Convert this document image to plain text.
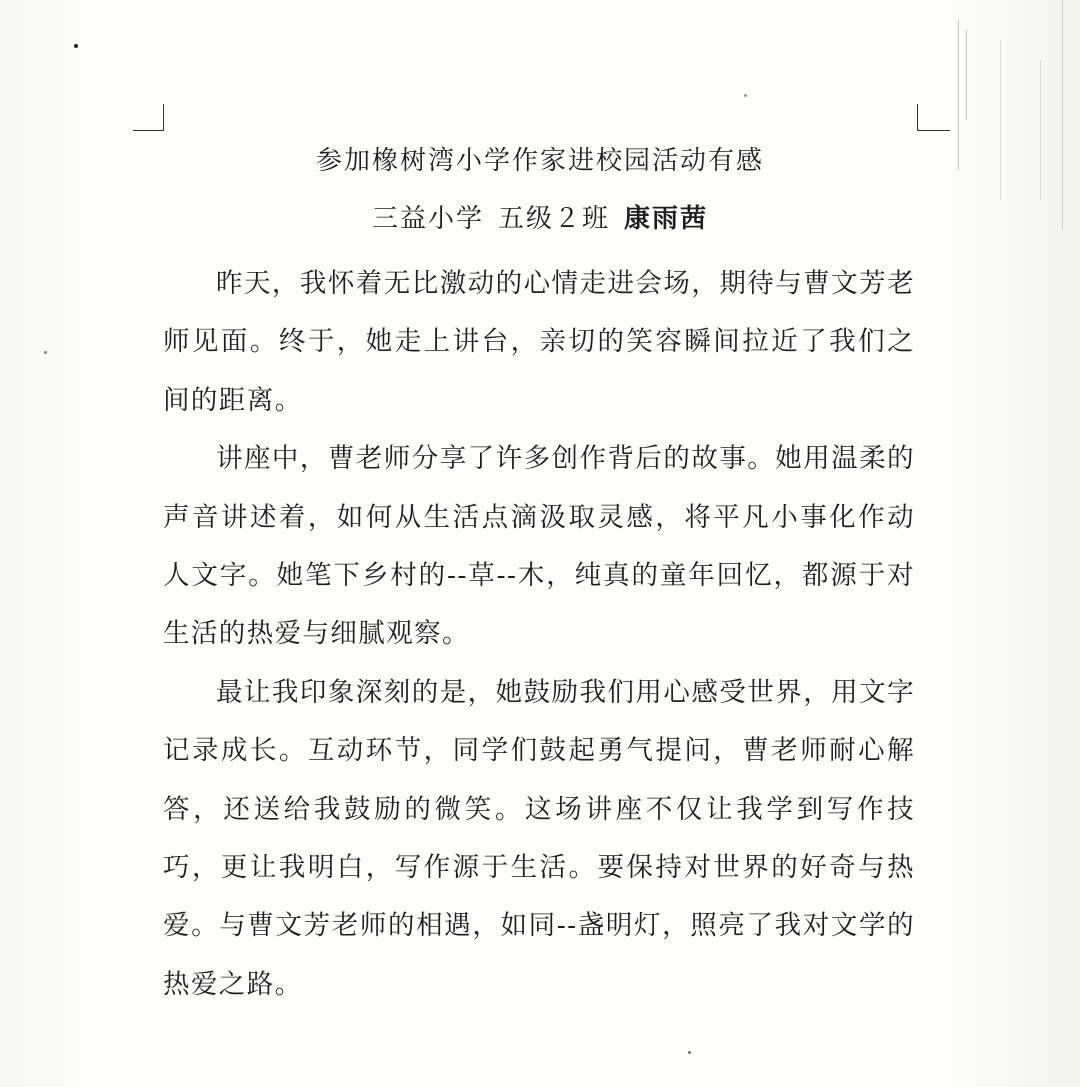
参加橡树湾小学作家进校园活动有感
三益小学 五级２班 康雨茜

昨天，我怀着无比激动的心情走进会场，期待与曹文芳老师见面。终于，她走上讲台，亲切的笑容瞬间拉近了我们之间的距离。

讲座中，曹老师分享了许多创作背后的故事。她用温柔的声音讲述着，如何从生活点滴汲取灵感，将平凡小事化作动人文字。她笔下乡村的--草--木，纯真的童年回忆，都源于对生活的热爱与细腻观察。

最让我印象深刻的是，她鼓励我们用心感受世界，用文字记录成长。互动环节，同学们鼓起勇气提问，曹老师耐心解答，还送给我鼓励的微笑。这场讲座不仅让我学到写作技巧，更让我明白，写作源于生活。要保持对世界的好奇与热爱。与曹文芳老师的相遇，如同--盏明灯，照亮了我对文学的热爱之路。
